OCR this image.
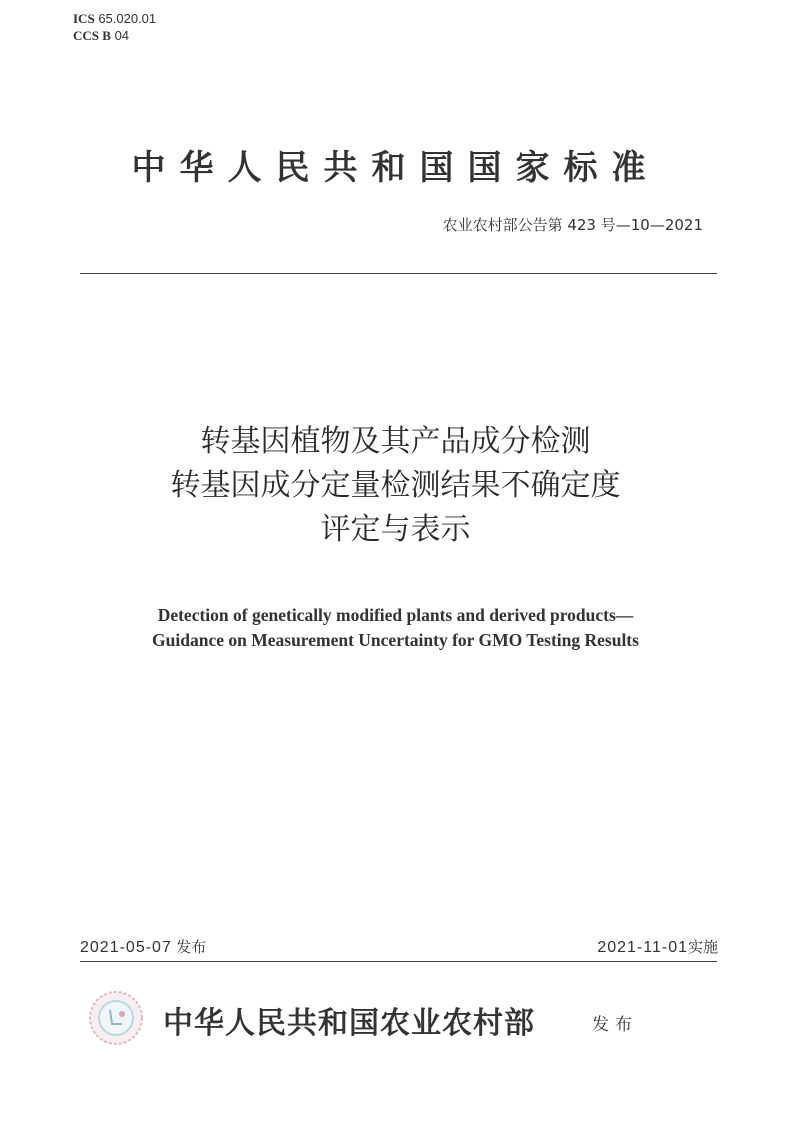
ICS 65.020.01
CCS B 04
中华人民共和国国家标准
农业农村部公告第 423 号—10—2021
转基因植物及其产品成分检测
转基因成分定量检测结果不确定度
评定与表示
Detection of genetically modified plants and derived products—
Guidance on Measurement Uncertainty for GMO Testing Results
2021-05-07 发布	2021-11-01实施
中华人民共和国农业农村部	发布
